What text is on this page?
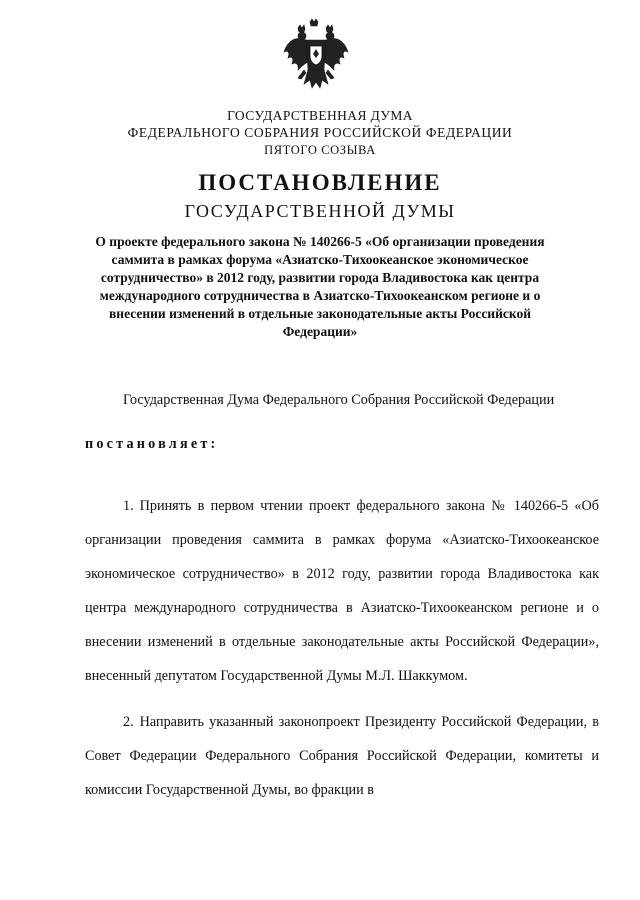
ГОСУДАРСТВЕННАЯ ДУМА
ФЕДЕРАЛЬНОГО СОБРАНИЯ РОССИЙСКОЙ ФЕДЕРАЦИИ
ПЯТОГО СОЗЫВА
ПОСТАНОВЛЕНИЕ
ГОСУДАРСТВЕННОЙ ДУМЫ
О проекте федерального закона № 140266-5 «Об организации проведения саммита в рамках форума «Азиатско-Тихоокеанское экономическое сотрудничество» в 2012 году, развитии города Владивостока как центра международного сотрудничества в Азиатско-Тихоокеанском регионе и о внесении изменений в отдельные законодательные акты Российской Федерации»

Государственная Дума Федерального Собрания Российской Федерации

постановляет:

1. Принять в первом чтении проект федерального закона № 140266-5 «Об организации проведения саммита в рамках форума «Азиатско-Тихоокеанское экономическое сотрудничество» в 2012 году, развитии города Владивостока как центра международного сотрудничества в Азиатско-Тихоокеанском регионе и о внесении изменений в отдельные законодательные акты Российской Федерации», внесенный депутатом Государственной Думы М.Л. Шаккумом.

2. Направить указанный законопроект Президенту Российской Федерации, в Совет Федерации Федерального Собрания Российской Федерации, комитеты и комиссии Государственной Думы, во фракции в
